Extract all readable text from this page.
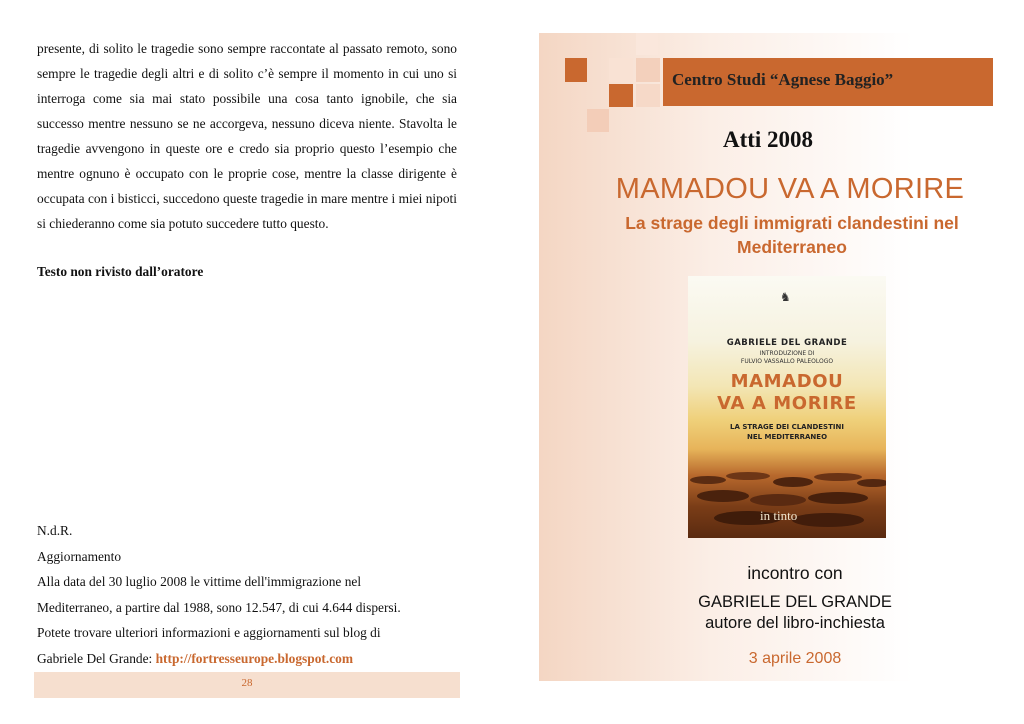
presente, di solito le tragedie sono sempre raccontate al passato remoto, sono sempre le tragedie degli altri e di solito c’è sempre il momento in cui uno si interroga come sia mai stato possibile una cosa tanto ignobile, che sia successo mentre nessuno se ne accorgeva, nessuno diceva niente. Stavolta le tragedie avvengono in queste ore e credo sia proprio questo l’esempio che mentre ognuno è occupato con le proprie cose, mentre la classe dirigente è occupata con i bisticci, succedono queste tragedie in mare mentre i miei nipoti si chiederanno come sia potuto succedere tutto questo.

Testo non rivisto dall’oratore

N.d.R.
Aggiornamento
Alla data del 30 luglio 2008 le vittime dell'immigrazione nel
Mediterraneo, a partire dal 1988, sono 12.547, di cui 4.644 dispersi.
Potete trovare ulteriori informazioni e aggiornamenti sul blog di
Gabriele Del Grande: http://fortresseurope.blogspot.com
28
Centro Studi “Agnese Baggio”
Atti 2008
MAMADOU VA A MORIRE
La strage degli immigrati clandestini nel
Mediterraneo
♞
GABRIELE DEL GRANDE
INTRODUZIONE DI
FULVIO VASSALLO PALEOLOGO
MAMADOU
VA A MORIRE
LA STRAGE DEI CLANDESTINI
NEL MEDITERRANEO
in tinto
incontro con
GABRIELE DEL GRANDE
autore del libro-inchiesta
3 aprile 2008
